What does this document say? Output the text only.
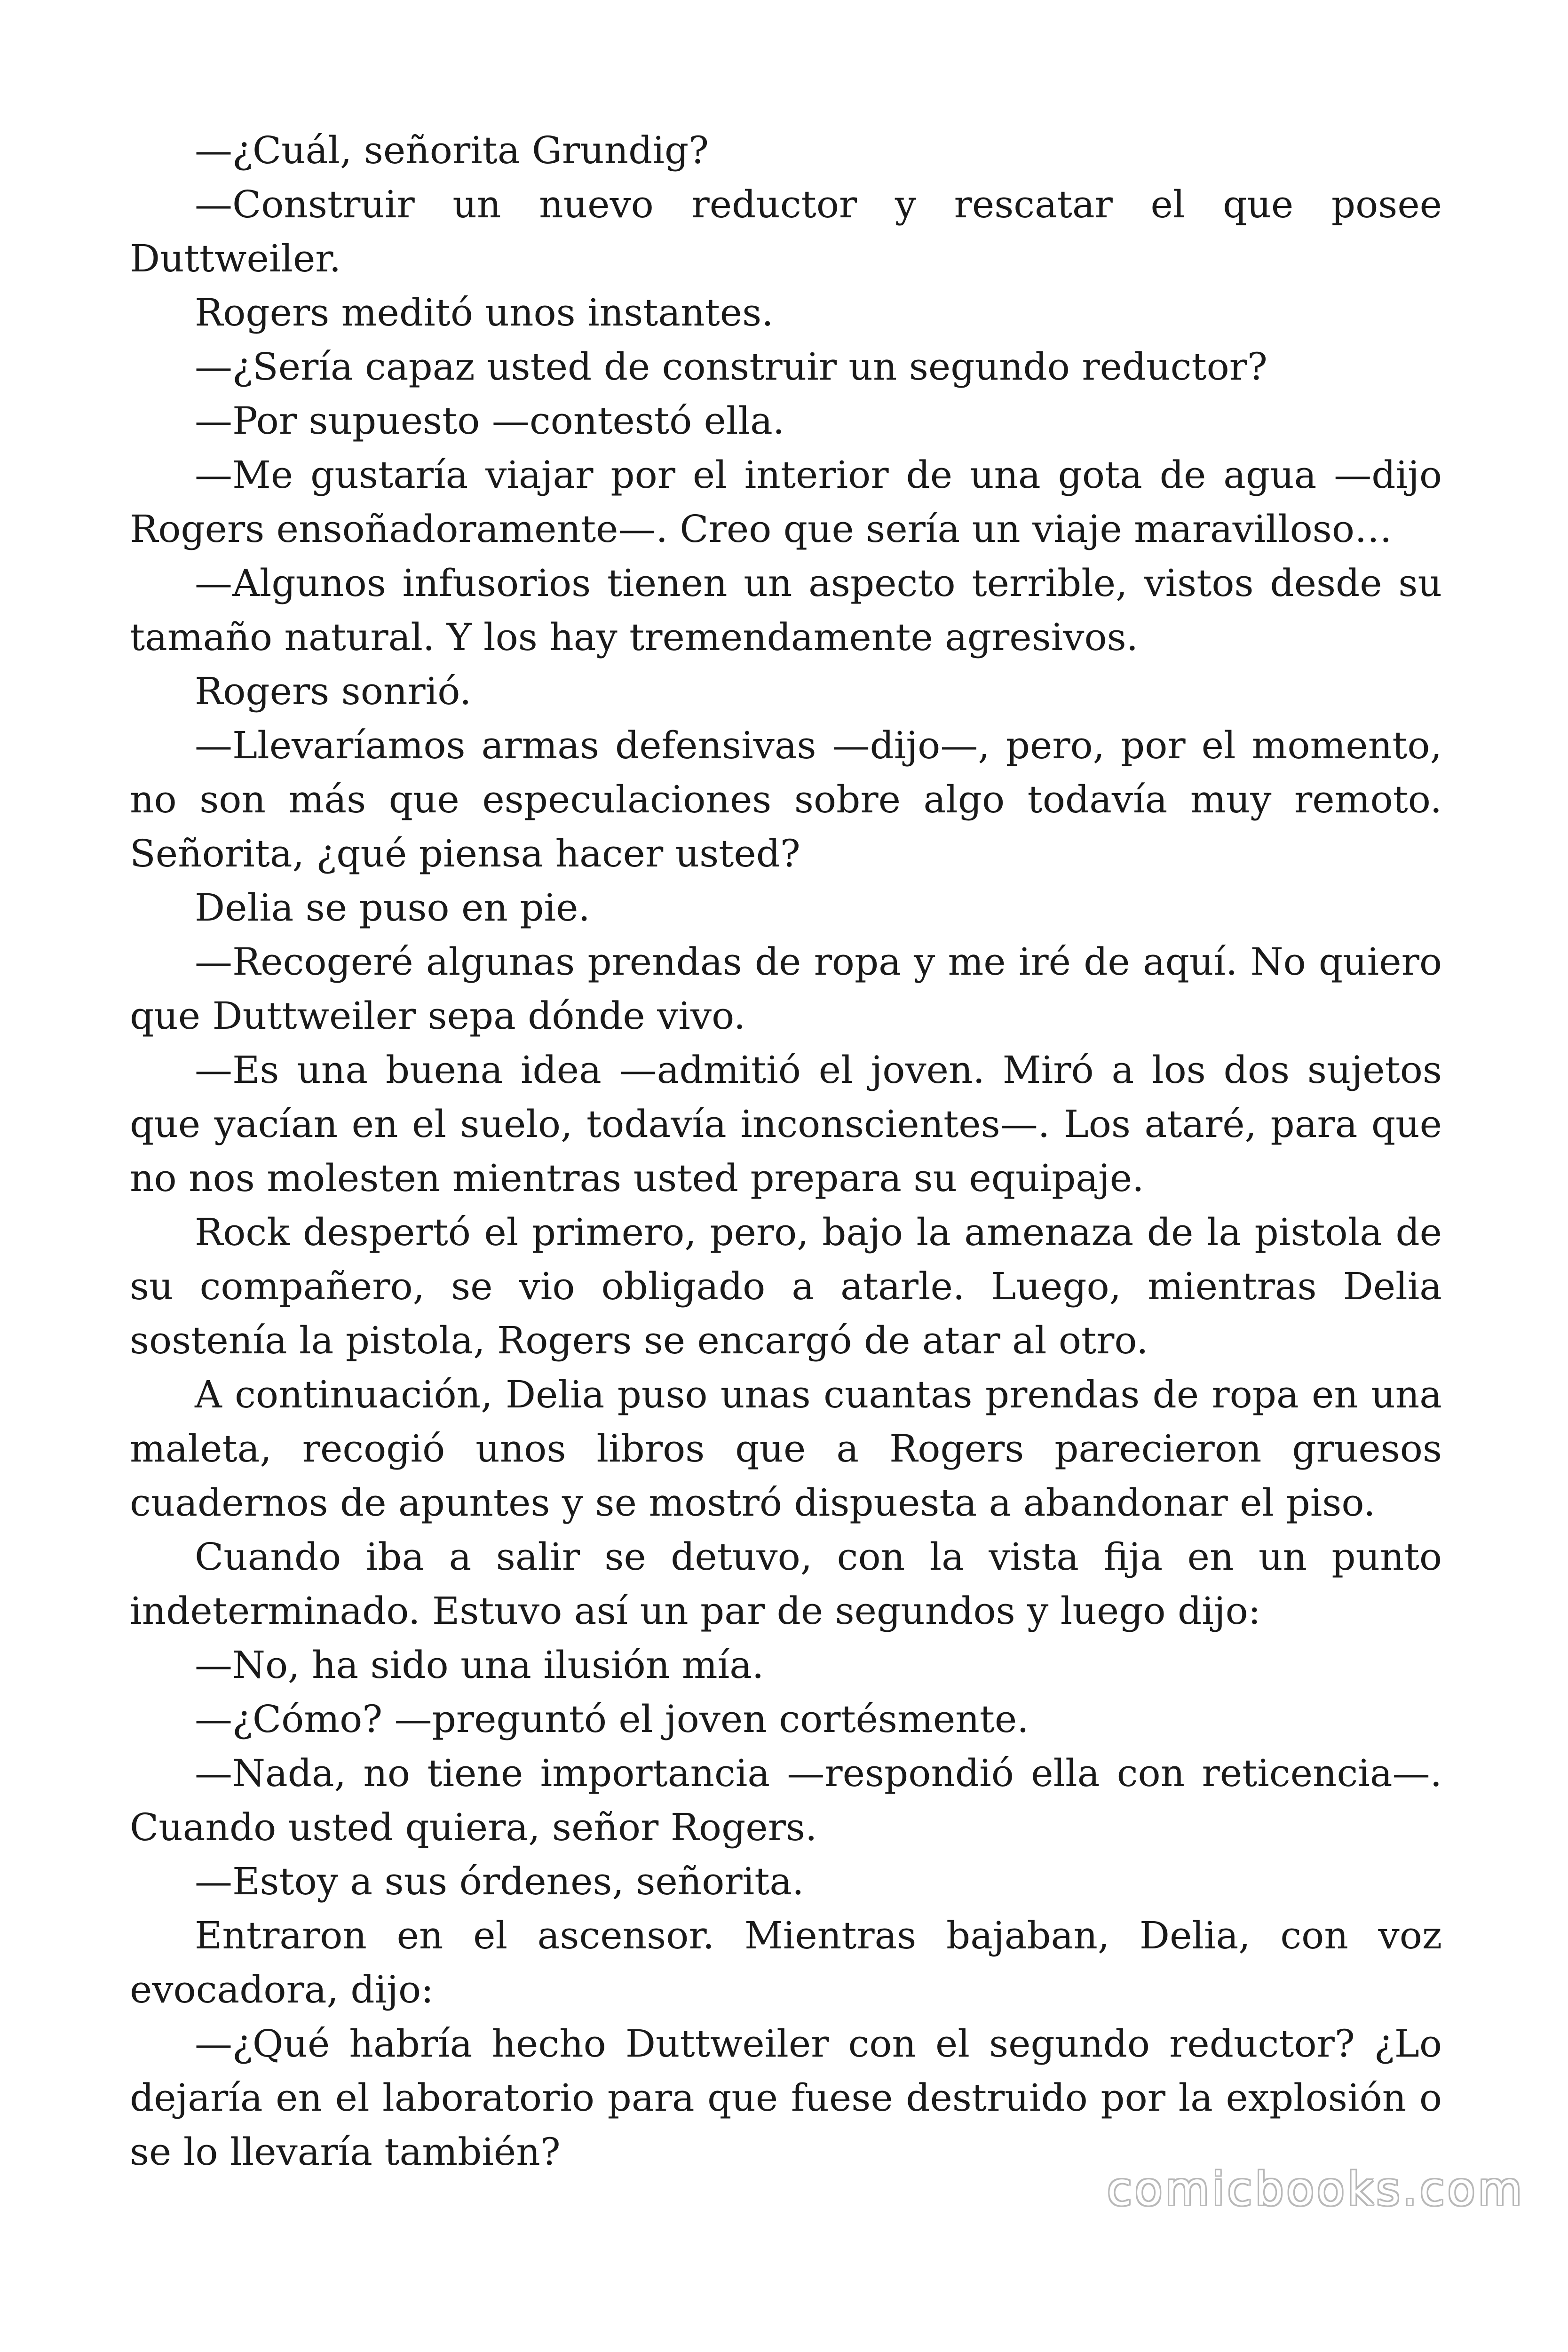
—¿Cuál, señorita Grundig?

—Construir un nuevo reductor y rescatar el que posee Duttweiler.

Rogers meditó unos instantes.

—¿Sería capaz usted de construir un segundo reductor?

—Por supuesto —contestó ella.

—Me gustaría viajar por el interior de una gota de agua —dijo Rogers ensoñadoramente—. Creo que sería un viaje maravilloso…

—Algunos infusorios tienen un aspecto terrible, vistos desde su tamaño natural. Y los hay tremendamente agresivos.

Rogers sonrió.

—Llevaríamos armas defensivas —dijo—, pero, por el momento, no son más que especulaciones sobre algo todavía muy remoto. Señorita, ¿qué piensa hacer usted?

Delia se puso en pie.

—Recogeré algunas prendas de ropa y me iré de aquí. No quiero que Duttweiler sepa dónde vivo.

—Es una buena idea —admitió el joven. Miró a los dos sujetos que yacían en el suelo, todavía inconscientes—. Los ataré, para que no nos molesten mientras usted prepara su equipaje.

Rock despertó el primero, pero, bajo la amenaza de la pistola de su compañero, se vio obligado a atarle. Luego, mientras Delia sostenía la pistola, Rogers se encargó de atar al otro.

A continuación, Delia puso unas cuantas prendas de ropa en una maleta, recogió unos libros que a Rogers parecieron gruesos cuadernos de apuntes y se mostró dispuesta a abandonar el piso.

Cuando iba a salir se detuvo, con la vista fija en un punto indeterminado. Estuvo así un par de segundos y luego dijo:

—No, ha sido una ilusión mía.

—¿Cómo? —preguntó el joven cortésmente.

—Nada, no tiene importancia —respondió ella con reticencia—. Cuando usted quiera, señor Rogers.

—Estoy a sus órdenes, señorita.

Entraron en el ascensor. Mientras bajaban, Delia, con voz evocadora, dijo:

—¿Qué habría hecho Duttweiler con el segundo reductor? ¿Lo dejaría en el laboratorio para que fuese destruido por la explosión o se lo llevaría también?

comicbooks.com
